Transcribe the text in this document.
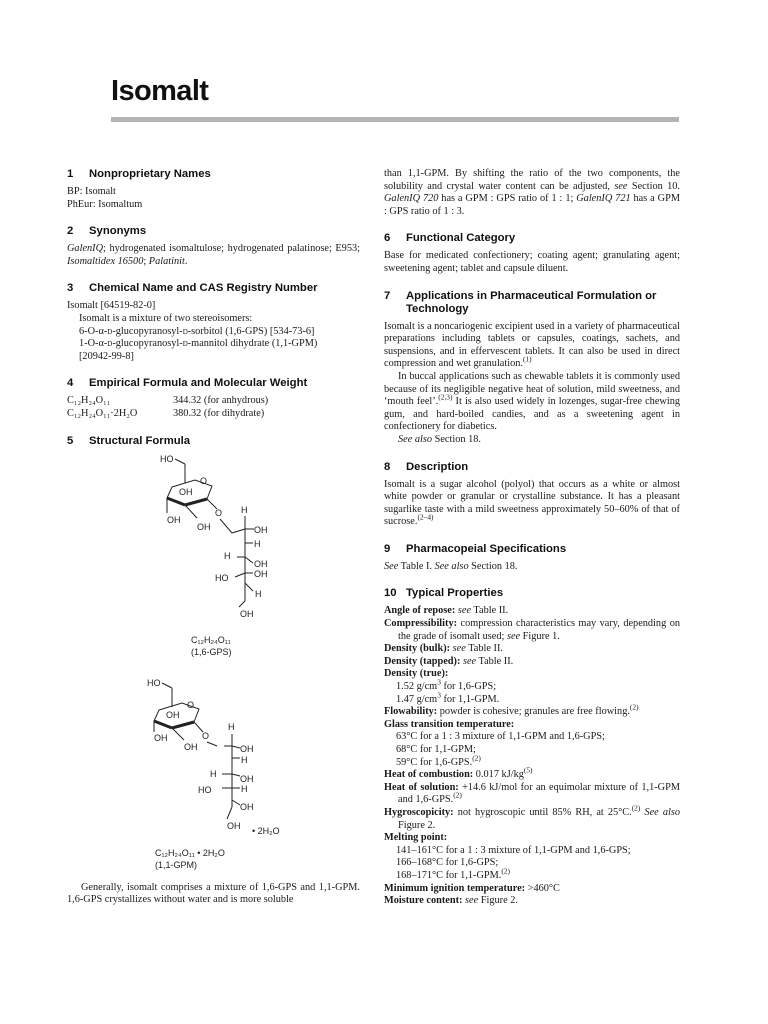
Isomalt
1	Nonproprietary Names

BP: Isomalt

PhEur: Isomaltum

2	Synonyms

GalenIQ; hydrogenated isomaltulose; hydrogenated palatinose; E953; Isomaltidex 16500; Palatinit.

3	Chemical Name and CAS Registry Number

Isomalt [64519-82-0]

Isomalt is a mixture of two stereoisomers:

6-O-α-d-glucopyranosyl-d-sorbitol (1,6-GPS) [534-73-6]

1-O-α-d-glucopyranosyl-d-mannitol dihydrate (1,1-GPM)

[20942-99-8]

4	Empirical Formula and Molecular Weight
C₁₂H₂₄O₁₁	344.32 (for anhydrous)
C₁₂H₂₄O₁₁·2H₂O	380.32 (for dihydrate)
5	Structural Formula
HO
O
OH
OH
OH
O H
OH
H
H
OH
HO	OH
H
OH
C₁₂H₂₄O₁₁
(1,6-GPS)
HO
O
OH
OH
OH
O
H
OH
H
H	OH
HO	H
OH
OH • 2H₂O
C₁₂H₂₄O₁₁ • 2H₂O
(1,1-GPM)

Generally, isomalt comprises a mixture of 1,6-GPS and 1,1-GPM. 1,6-GPS crystallizes without water and is more soluble

than 1,1-GPM. By shifting the ratio of the two components, the solubility and crystal water content can be adjusted, see Section 10. GalenIQ 720 has a GPM : GPS ratio of 1 : 1; GalenIQ 721 has a GPM : GPS ratio of 1 : 3.

6	Functional Category

Base for medicated confectionery; coating agent; granulating agent; sweetening agent; tablet and capsule diluent.

7	Applications in Pharmaceutical Formulation or Technology

Isomalt is a noncariogenic excipient used in a variety of pharmaceutical preparations including tablets or capsules, coatings, sachets, and suspensions, and in effervescent tablets. It can also be used in direct compression and wet granulation.$^{(1)}$

In buccal applications such as chewable tablets it is commonly used because of its negligible negative heat of solution, mild sweetness, and ‘mouth feel’.$^{(2,3)}$ It is also used widely in lozenges, sugar-free chewing gum, and hard-boiled candies, and as a sweetening agent in confectionery for diabetics.

See also Section 18.

8	Description

Isomalt is a sugar alcohol (polyol) that occurs as a white or almost white powder or granular or crystalline substance. It has a pleasant sugarlike taste with a mild sweetness approximately 50–60% of that of sucrose.$^{(2-4)}$

9	Pharmacopeial Specifications

See Table I. See also Section 18.

10 Typical Properties

Angle of repose: see Table II.

Compressibility: compression characteristics may vary, depending on the grade of isomalt used; see Figure 1.

Density (bulk): see Table II.

Density (tapped): see Table II.

Density (true):

1.52 $g/cm^3$ for 1,6-GPS;

1.47 $g/cm^3$ for 1,1-GPM.

Flowability: powder is cohesive; granules are free flowing.$^{(2)}$

Glass transition temperature:

63°C for a 1 : 3 mixture of 1,1-GPM and 1,6-GPS;

68°C for 1,1-GPM;

59°C for 1,6-GPS.$^{(2)}$

Heat of combustion: 0.017 $kJ/kg^{(5)}$

Heat of solution: +14.6 kJ/mol for an equimolar mixture of 1,1-GPM and 1,6-GPS.$^{(2)}$

Hygroscopicity: not hygroscopic until 85% RH, at 25°C.$^{(2)}$ See also Figure 2.

Melting point:

141–161°C for a 1 : 3 mixture of 1,1-GPM and 1,6-GPS;

166–168°C for 1,6-GPS;

168–171°C for 1,1-GPM.$^{(2)}$

Minimum ignition temperature: >460°C

Moisture content: see Figure 2.
